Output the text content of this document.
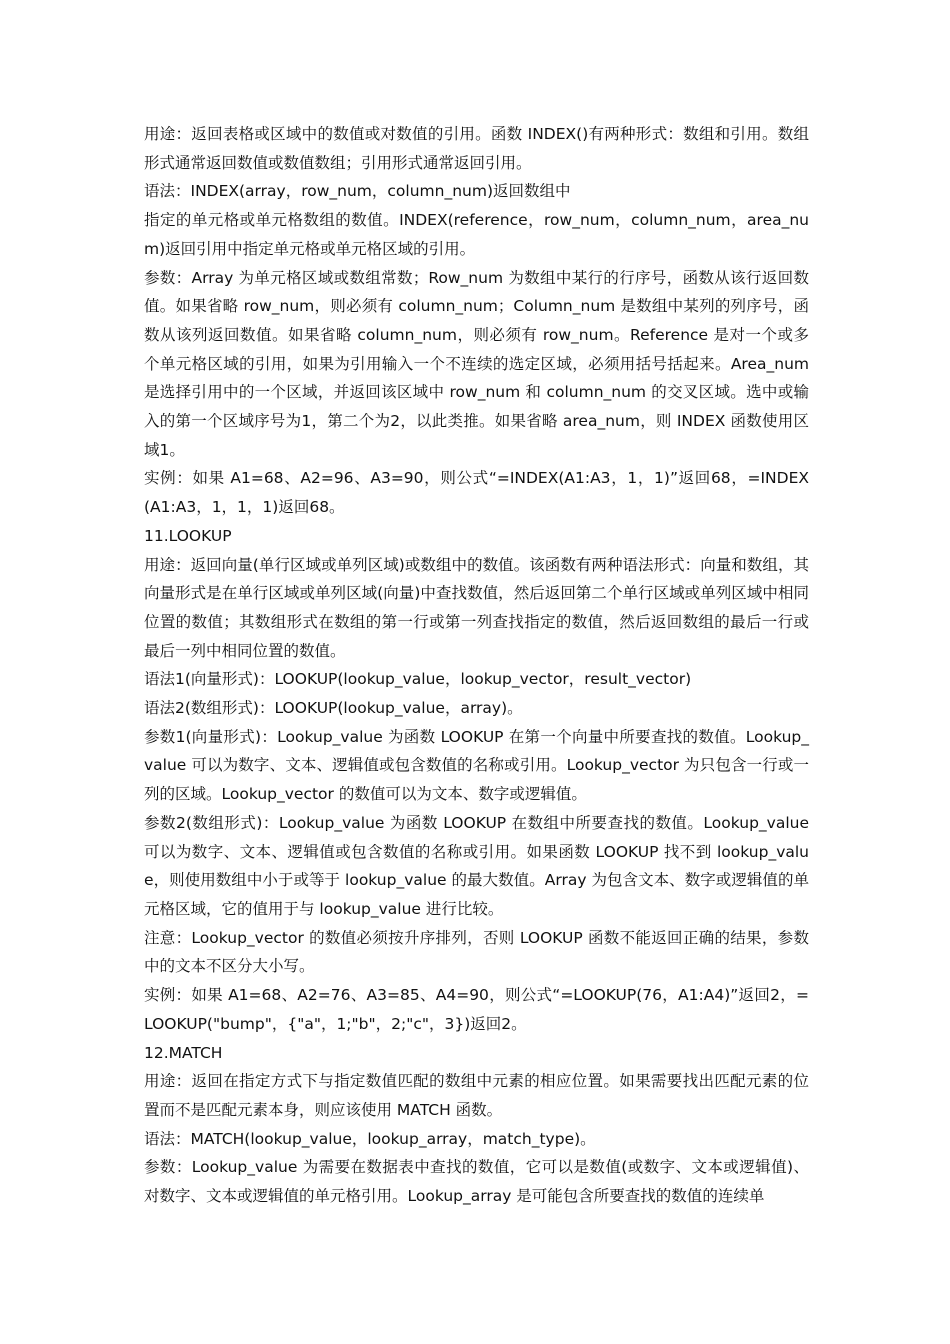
用途：返回表格或区域中的数值或对数值的引用。函数 INDEX()有两种形式：数组和引用。数组形式通常返回数值或数值数组；引用形式通常返回引用。

语法：INDEX(array，row_num，column_num)返回数组中

指定的单元格或单元格数组的数值。INDEX(reference，row_num，column_num，area_num)返回引用中指定单元格或单元格区域的引用。

参数：Array 为单元格区域或数组常数；Row_num 为数组中某行的行序号，函数从该行返回数值。如果省略 row_num，则必须有 column_num；Column_num 是数组中某列的列序号，函数从该列返回数值。如果省略 column_num，则必须有 row_num。Reference 是对一个或多个单元格区域的引用，如果为引用输入一个不连续的选定区域，必须用括号括起来。Area_num 是选择引用中的一个区域，并返回该区域中 row_num 和 column_num 的交叉区域。选中或输入的第一个区域序号为1，第二个为2，以此类推。如果省略 area_num，则 INDEX 函数使用区域1。

实例：如果 A1=68、A2=96、A3=90，则公式“=INDEX(A1:A3，1，1)”返回68，=INDEX(A1:A3，1，1，1)返回68。

11.LOOKUP

用途：返回向量(单行区域或单列区域)或数组中的数值。该函数有两种语法形式：向量和数组，其向量形式是在单行区域或单列区域(向量)中查找数值，然后返回第二个单行区域或单列区域中相同位置的数值；其数组形式在数组的第一行或第一列查找指定的数值，然后返回数组的最后一行或最后一列中相同位置的数值。

语法1(向量形式)：LOOKUP(lookup_value，lookup_vector，result_vector)

语法2(数组形式)：LOOKUP(lookup_value，array)。

参数1(向量形式)：Lookup_value 为函数 LOOKUP 在第一个向量中所要查找的数值。Lookup_value 可以为数字、文本、逻辑值或包含数值的名称或引用。Lookup_vector 为只包含一行或一列的区域。Lookup_vector 的数值可以为文本、数字或逻辑值。

参数2(数组形式)：Lookup_value 为函数 LOOKUP 在数组中所要查找的数值。Lookup_value 可以为数字、文本、逻辑值或包含数值的名称或引用。如果函数 LOOKUP 找不到 lookup_value，则使用数组中小于或等于 lookup_value 的最大数值。Array 为包含文本、数字或逻辑值的单元格区域，它的值用于与 lookup_value 进行比较。

注意：Lookup_vector 的数值必须按升序排列，否则 LOOKUP 函数不能返回正确的结果，参数中的文本不区分大小写。

实例：如果 A1=68、A2=76、A3=85、A4=90，则公式“=LOOKUP(76，A1:A4)”返回2，=LOOKUP("bump"，{"a"，1;"b"，2;"c"，3})返回2。

12.MATCH

用途：返回在指定方式下与指定数值匹配的数组中元素的相应位置。如果需要找出匹配元素的位置而不是匹配元素本身，则应该使用 MATCH 函数。

语法：MATCH(lookup_value，lookup_array，match_type)。

参数：Lookup_value 为需要在数据表中查找的数值，它可以是数值(或数字、文本或逻辑值)、对数字、文本或逻辑值的单元格引用。Lookup_array 是可能包含所要查找的数值的连续单
